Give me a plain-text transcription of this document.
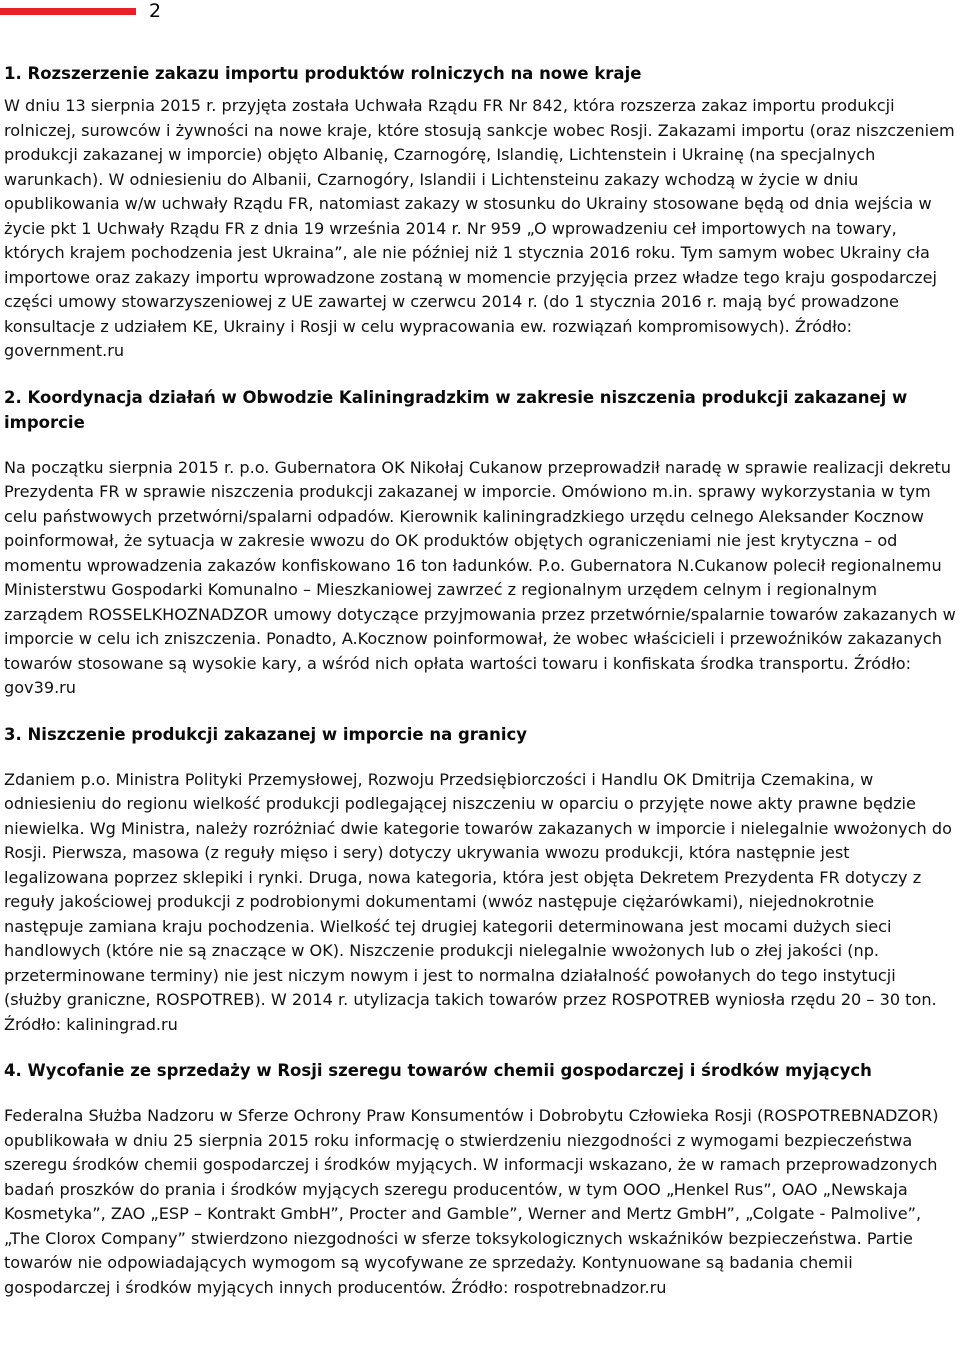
2
1. Rozszerzenie zakazu importu produktów rolniczych na nowe kraje

W dniu 13 sierpnia 2015 r. przyjęta została Uchwała Rządu FR Nr 842, która rozszerza zakaz importu produkcji rolniczej, surowców i żywności na nowe kraje, które stosują sankcje wobec Rosji. Zakazami importu (oraz niszczeniem produkcji zakazanej w imporcie) objęto Albanię, Czarnogórę, Islandię, Lichtenstein i Ukrainę (na specjalnych warunkach). W odniesieniu do Albanii, Czarnogóry, Islandii i Lichtensteinu zakazy wchodzą w życie w dniu opublikowania w/w uchwały Rządu FR, natomiast zakazy w stosunku do Ukrainy stosowane będą od dnia wejścia w życie pkt 1 Uchwały Rządu FR z dnia 19 września 2014 r. Nr 959 „O wprowadzeniu ceł importowych na towary, których krajem pochodzenia jest Ukraina”, ale nie później niż 1 stycznia 2016 roku. Tym samym wobec Ukrainy cła importowe oraz zakazy importu wprowadzone zostaną w momencie przyjęcia przez władze tego kraju gospodarczej części umowy stowarzyszeniowej z UE zawartej w czerwcu 2014 r. (do 1 stycznia 2016 r. mają być prowadzone konsultacje z udziałem KE, Ukrainy i Rosji w celu wypracowania ew. rozwiązań kompromisowych). Źródło: government.ru

2. Koordynacja działań w Obwodzie Kaliningradzkim w zakresie niszczenia produkcji zakazanej w imporcie

Na początku sierpnia 2015 r. p.o. Gubernatora OK Nikołaj Cukanow przeprowadził naradę w sprawie realizacji dekretu Prezydenta FR w sprawie niszczenia produkcji zakazanej w imporcie. Omówiono m.in. sprawy wykorzystania w tym celu państwowych przetwórni/spalarni odpadów. Kierownik kaliningradzkiego urzędu celnego Aleksander Kocznow poinformował, że sytuacja w zakresie wwozu do OK produktów objętych ograniczeniami nie jest krytyczna – od momentu wprowadzenia zakazów konfiskowano 16 ton ładunków. P.o. Gubernatora N.Cukanow polecił regionalnemu Ministerstwu Gospodarki Komunalno – Mieszkaniowej zawrzeć z regionalnym urzędem celnym i regionalnym zarządem ROSSELKHOZNADZOR umowy dotyczące przyjmowania przez przetwórnie/spalarnie towarów zakazanych w imporcie w celu ich zniszczenia. Ponadto, A.Kocznow poinformował, że wobec właścicieli i przewoźników zakazanych towarów stosowane są wysokie kary, a wśród nich opłata wartości towaru i konfiskata środka transportu. Źródło: gov39.ru

3. Niszczenie produkcji zakazanej w imporcie na granicy

Zdaniem p.o. Ministra Polityki Przemysłowej, Rozwoju Przedsiębiorczości i Handlu OK Dmitrija Czemakina, w odniesieniu do regionu wielkość produkcji podlegającej niszczeniu w oparciu o przyjęte nowe akty prawne będzie niewielka. Wg Ministra, należy rozróżniać dwie kategorie towarów zakazanych w imporcie i nielegalnie wwożonych do Rosji. Pierwsza, masowa (z reguły mięso i sery) dotyczy ukrywania wwozu produkcji, która następnie jest legalizowana poprzez sklepiki i rynki. Druga, nowa kategoria, która jest objęta Dekretem Prezydenta FR dotyczy z reguły jakościowej produkcji z podrobionymi dokumentami (wwóz następuje ciężarówkami), niejednokrotnie następuje zamiana kraju pochodzenia. Wielkość tej drugiej kategorii determinowana jest mocami dużych sieci handlowych (które nie są znaczące w OK). Niszczenie produkcji nielegalnie wwożonych lub o złej jakości (np. przeterminowane terminy) nie jest niczym nowym i jest to normalna działalność powołanych do tego instytucji (służby graniczne, ROSPOTREB). W 2014 r. utylizacja takich towarów przez ROSPOTREB wyniosła rzędu 20 – 30 ton. Źródło: kaliningrad.ru

4. Wycofanie ze sprzedaży w Rosji szeregu towarów chemii gospodarczej i środków myjących

Federalna Służba Nadzoru w Sferze Ochrony Praw Konsumentów i Dobrobytu Człowieka Rosji (ROSPOTREBNADZOR) opublikowała w dniu 25 sierpnia 2015 roku informację o stwierdzeniu niezgodności z wymogami bezpieczeństwa szeregu środków chemii gospodarczej i środków myjących. W informacji wskazano, że w ramach przeprowadzonych badań proszków do prania i środków myjących szeregu producentów, w tym OOO „Henkel Rus”, OAO „Newskaja Kosmetyka”, ZAO „ESP – Kontrakt GmbH”, Procter and Gamble”, Werner and Mertz GmbH”, „Colgate - Palmolive”, „The Clorox Company” stwierdzono niezgodności w sferze toksykologicznych wskaźników bezpieczeństwa. Partie towarów nie odpowiadających wymogom są wycofywane ze sprzedaży. Kontynuowane są badania chemii gospodarczej i środków myjących innych producentów. Źródło: rospotrebnadzor.ru
